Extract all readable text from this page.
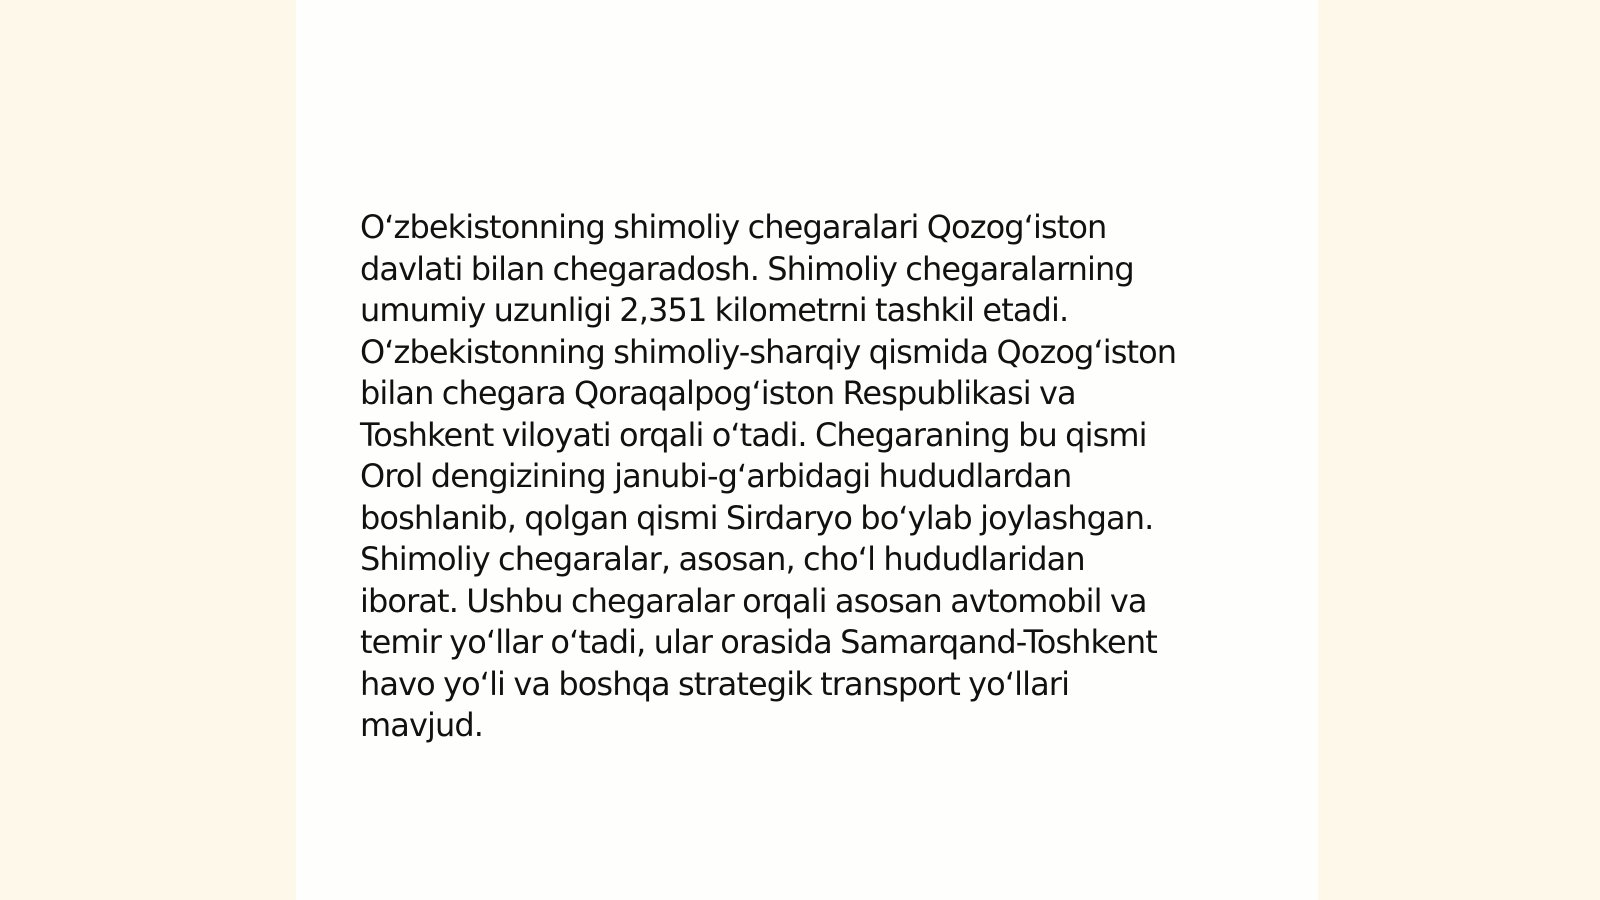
O‘zbekistonning shimoliy chegaralari Qozog‘iston
davlati bilan chegaradosh. Shimoliy chegaralarning
umumiy uzunligi 2,351 kilometrni tashkil etadi.
O‘zbekistonning shimoliy-sharqiy qismida Qozog‘iston
bilan chegara Qoraqalpog‘iston Respublikasi va
Toshkent viloyati orqali o‘tadi. Chegaraning bu qismi
Orol dengizining janubi-g‘arbidagi hududlardan
boshlanib, qolgan qismi Sirdaryo bo‘ylab joylashgan.
Shimoliy chegaralar, asosan, cho‘l hududlaridan
iborat. Ushbu chegaralar orqali asosan avtomobil va
temir yo‘llar o‘tadi, ular orasida Samarqand-Toshkent
havo yo‘li va boshqa strategik transport yo‘llari
mavjud.
